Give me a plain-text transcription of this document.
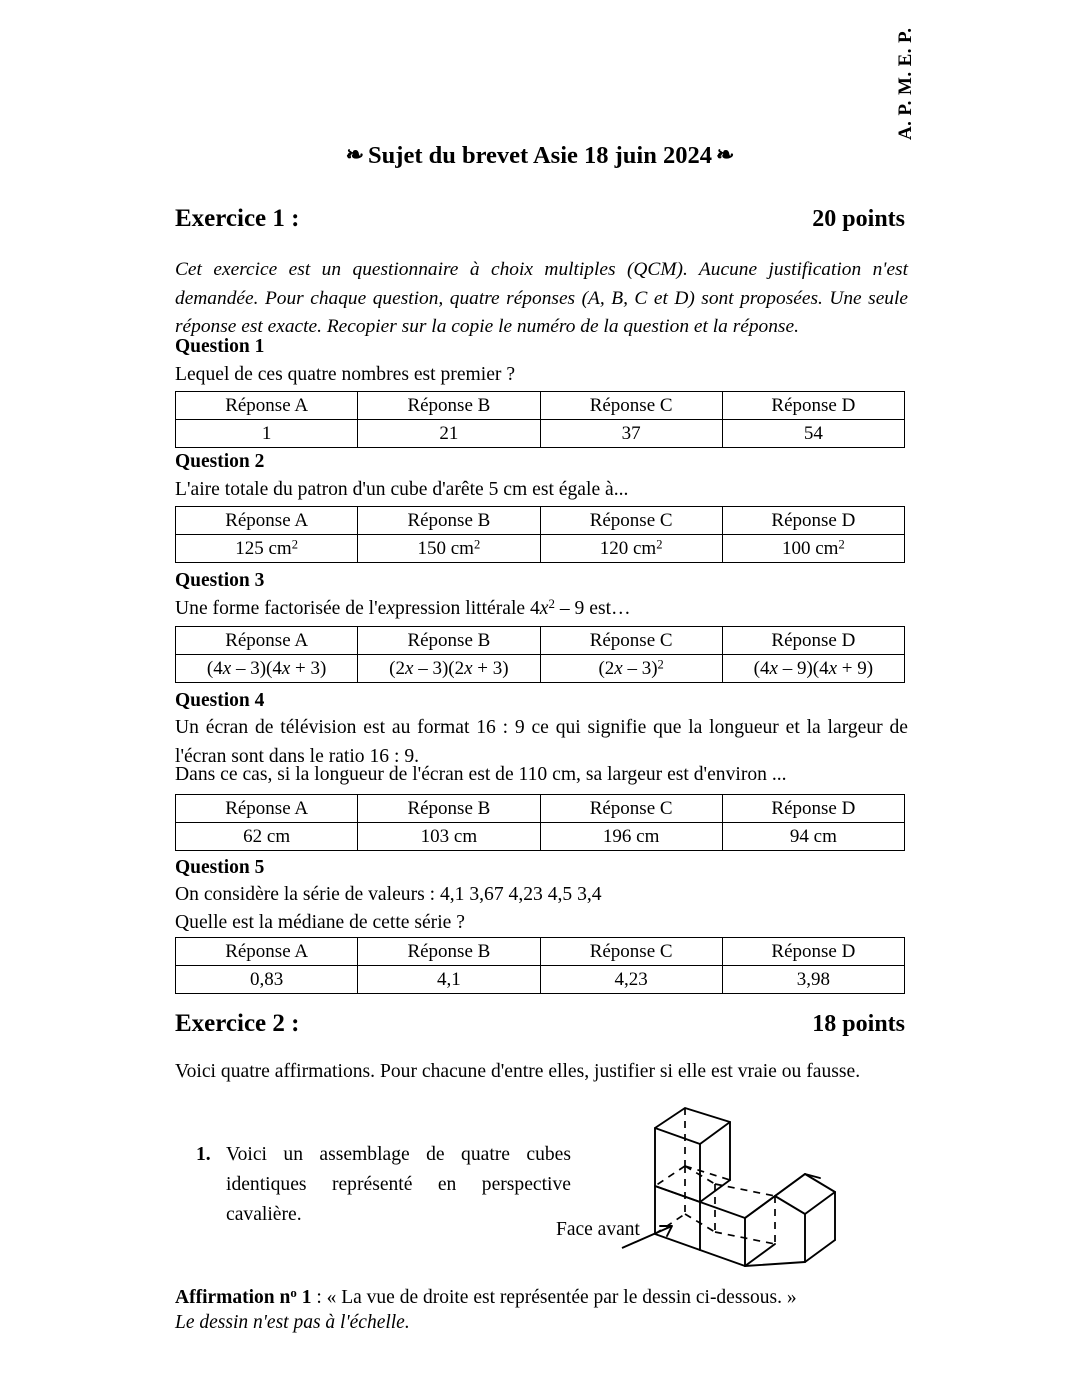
A. P. M. E. P.
❧ Sujet du brevet Asie 18 juin 2024 ❧
Exercice 1 :	20 points
Cet exercice est un questionnaire à choix multiples (QCM). Aucune justification n'est demandée. Pour chaque question, quatre réponses (A, B, C et D) sont proposées. Une seule réponse est exacte. Recopier sur la copie le numéro de la question et la réponse.
Question 1
Lequel de ces quatre nombres est premier ?
Réponse A	Réponse B	Réponse C	Réponse D
1	21	37	54
Question 2
L'aire totale du patron d'un cube d'arête 5 cm est égale à...
Réponse A	Réponse B	Réponse C	Réponse D
125 $cm^2$	150 $cm^2$	120 $cm^2$	100 $cm^2$
Question 3
Une forme factorisée de l'expression littérale $4x^2 - 9$ est…
Réponse A	Réponse B	Réponse C	Réponse D
(4x – 3)(4x + 3)	(2x – 3)(2x + 3)	(2x – 3)$^2$	(4x – 9)(4x + 9)
Question 4
Un écran de télévision est au format 16 : 9 ce qui signifie que la longueur et la largeur de l'écran sont dans le ratio 16 : 9.
Dans ce cas, si la longueur de l'écran est de 110 cm, sa largeur est d'environ ...
Réponse A	Réponse B	Réponse C	Réponse D
62 cm	103 cm	196 cm	94 cm
Question 5
On considère la série de valeurs : 4,1 3,67 4,23 4,5 3,4
Quelle est la médiane de cette série ?
Réponse A	Réponse B	Réponse C	Réponse D
0,83	4,1	4,23	3,98
Exercice 2 :	18 points
Voici quatre affirmations. Pour chacune d'entre elles, justifier si elle est vraie ou fausse.
1. Voici un assemblage de quatre cubes identiques représenté en perspective cavalière.
Face avant
Affirmation $n^o$ 1 : « La vue de droite est représentée par le dessin ci-dessous. »
Le dessin n'est pas à l'échelle.
